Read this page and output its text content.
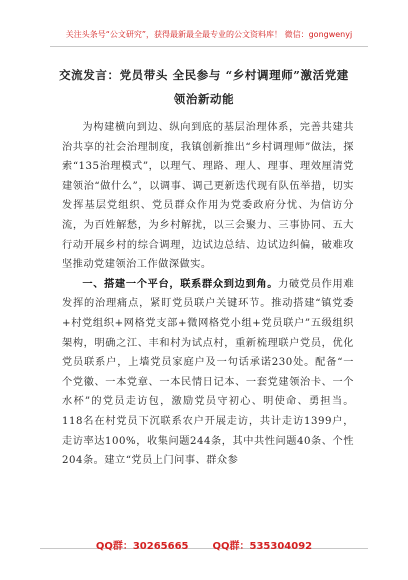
关注头条号“公文研究”，获得最新最全最专业的公文资料库！ 微信：gongwenyj
交流发言：党员带头 全民参与 “乡村调理师”激活党建
领治新动能

为构建横向到边、纵向到底的基层治理体系，完善共建共治共享的社会治理制度，我镇创新推出“乡村调理师”做法，探索“135治理模式”，以理气、理路、理人、理事、理效厘清党建领治“做什么”，以调事、调己更新迭代现有队伍举措，切实发挥基层党组织、党员群众作用为党委政府分忧、为信访分流，为百姓解愁，为乡村解扰，以三会聚力、三事协同、五大行动开展乡村的综合调理，边试边总结、边试边纠偏，破难攻坚推动党建领治工作做深做实。

一、搭建一个平台，联系群众到边到角。力破党员作用难发挥的治理痛点，紧盯党员联户关键环节。推动搭建“镇党委+村党组织+网格党支部+微网格党小组+党员联户”五级组织架构，明确之江、丰和村为试点村，重新梳理联户党员，优化党员联系户，上墙党员家庭户及一句话承诺230处。配备“一个党徽、一本党章、一本民情日记本、一套党建领治卡、一个水杯”的党员走访包，激励党员守初心、明使命、勇担当。118名在村党员下沉联系农户开展走访，共计走访1399户，走访率达100%，收集问题244条，其中共性问题40条、个性204条。建立“党员上门问事、群众参

QQ群：30265665 QQ群：535304092
